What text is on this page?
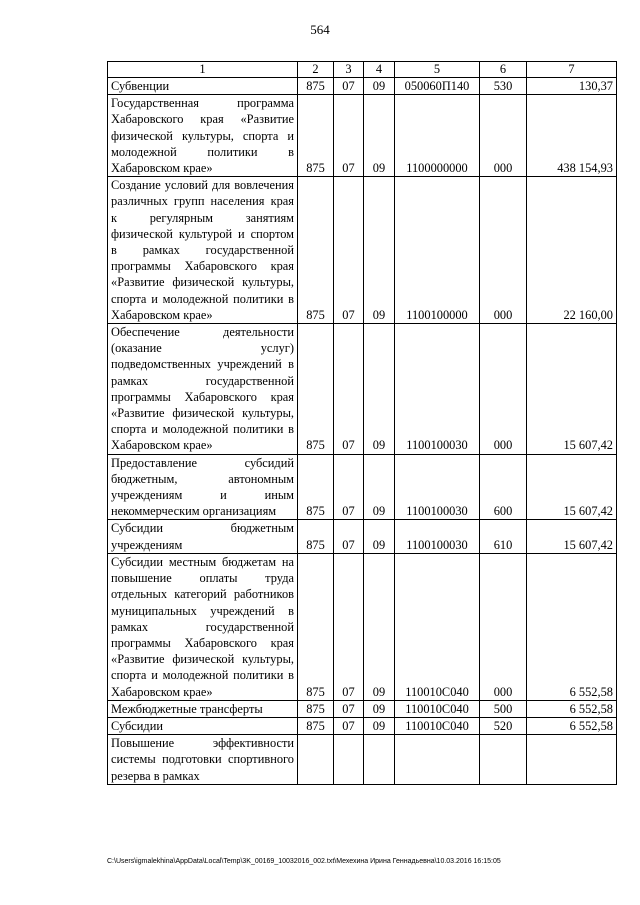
564
1	2	3	4	5	6	7
Субвенции	875	07	09	050060П140	530	130,37
Государственная программа Хабаровского края «Развитие физической культуры, спорта и молодежной политики в Хабаровском крае»	875	07	09	1100000000	000	438 154,93
Создание условий для вовлечения различных групп населения края к регулярным занятиям физической культурой и спортом в рамках государственной программы Хабаровского края «Развитие физической культуры, спорта и молодежной политики в Хабаровском крае»	875	07	09	1100100000	000	22 160,00
Обеспечение деятельности (оказание услуг) подведомственных учреждений в рамках государственной программы Хабаровского края «Развитие физической культуры, спорта и молодежной политики в Хабаровском крае»	875	07	09	1100100030	000	15 607,42
Предоставление субсидий бюджетным, автономным учреждениям и иным некоммерческим организациям	875	07	09	1100100030	600	15 607,42
Субсидии бюджетным учреждениям	875	07	09	1100100030	610	15 607,42
Субсидии местным бюджетам на повышение оплаты труда отдельных категорий работников муниципальных учреждений в рамках государственной программы Хабаровского края «Развитие физической культуры, спорта и молодежной политики в Хабаровском крае»	875	07	09	110010С040	000	6 552,58
Межбюджетные трансферты	875	07	09	110010С040	500	6 552,58
Субсидии	875	07	09	110010С040	520	6 552,58
Повышение эффективности системы подготовки спортивного резерва в рамках						
C:\Users\igmalekhina\AppData\Local\Temp\3K_00169_10032016_002.txt\Мехехина Ирина Геннадьевна\10.03.2016 16:15:05
